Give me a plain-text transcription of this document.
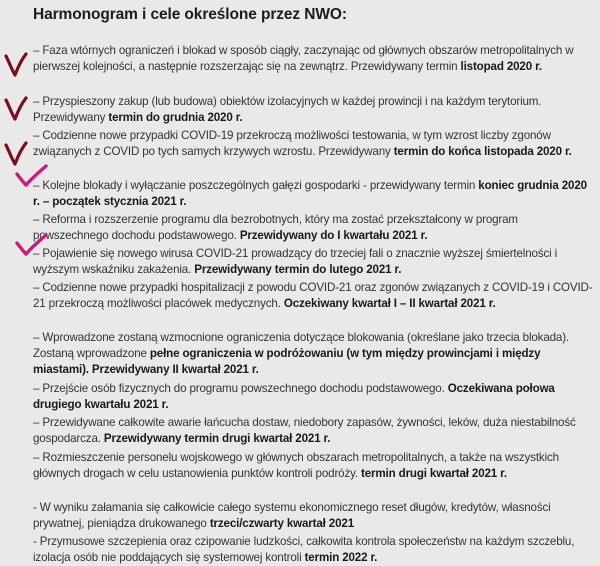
Harmonogram i cele określone przez NWO:
– Faza wtórnych ograniczeń i blokad w sposób ciągły, zaczynając od głównych obszarów metropolitalnych w pierwszej kolejności, a następnie rozszerzając się na zewnątrz. Przewidywany termin listopad 2020 r.
– Przyspieszony zakup (lub budowa) obiektów izolacyjnych w każdej prowincji i na każdym terytorium. Przewidywany termin do grudnia 2020 r.
– Codzienne nowe przypadki COVID-19 przekroczą możliwości testowania, w tym wzrost liczby zgonów związanych z COVID po tych samych krzywych wzrostu. Przewidywany termin do końca listopada 2020 r.
– Kolejne blokady i wyłączanie poszczególnych gałęzi gospodarki - przewidywany termin koniec grudnia 2020 r. – początek stycznia 2021 r.
– Reforma i rozszerzenie programu dla bezrobotnych, który ma zostać przekształcony w program powszechnego dochodu podstawowego. Przewidywany do I kwartału 2021 r.
– Pojawienie się nowego wirusa COVID-21 prowadzący do trzeciej fali o znacznie wyższej śmiertelności i wyższym wskaźniku zakażenia. Przewidywany termin do lutego 2021 r.
– Codzienne nowe przypadki hospitalizacji z powodu COVID-21 oraz zgonów związanych z COVID-19 i COVID-21 przekroczą możliwości placówek medycznych. Oczekiwany kwartał I – II kwartał 2021 r.
– Wprowadzone zostaną wzmocnione ograniczenia dotyczące blokowania (określane jako trzecia blokada). Zostaną wprowadzone pełne ograniczenia w podróżowaniu (w tym między prowincjami i między miastami). Przewidywany II kwartał 2021 r.
– Przejście osób fizycznych do programu powszechnego dochodu podstawowego. Oczekiwana połowa drugiego kwartału 2021 r.
– Przewidywane całkowite awarie łańcucha dostaw, niedobory zapasów, żywności, leków, duża niestabilność gospodarcza. Przewidywany termin drugi kwartał 2021 r.
– Rozmieszczenie personelu wojskowego w głównych obszarach metropolitalnych, a także na wszystkich głównych drogach w celu ustanowienia punktów kontroli podróży. termin drugi kwartał 2021 r.
- W wyniku załamania się całkowicie całego systemu ekonomicznego reset długów, kredytów, własności prywatnej, pieniądza drukowanego trzeci/czwarty kwartał 2021
- Przymusowe szczepienia oraz czipowanie ludzkości, całkowita kontrola społeczeństw na każdym szczeblu, izolacja osób nie poddających się systemowej kontroli termin 2022 r.
